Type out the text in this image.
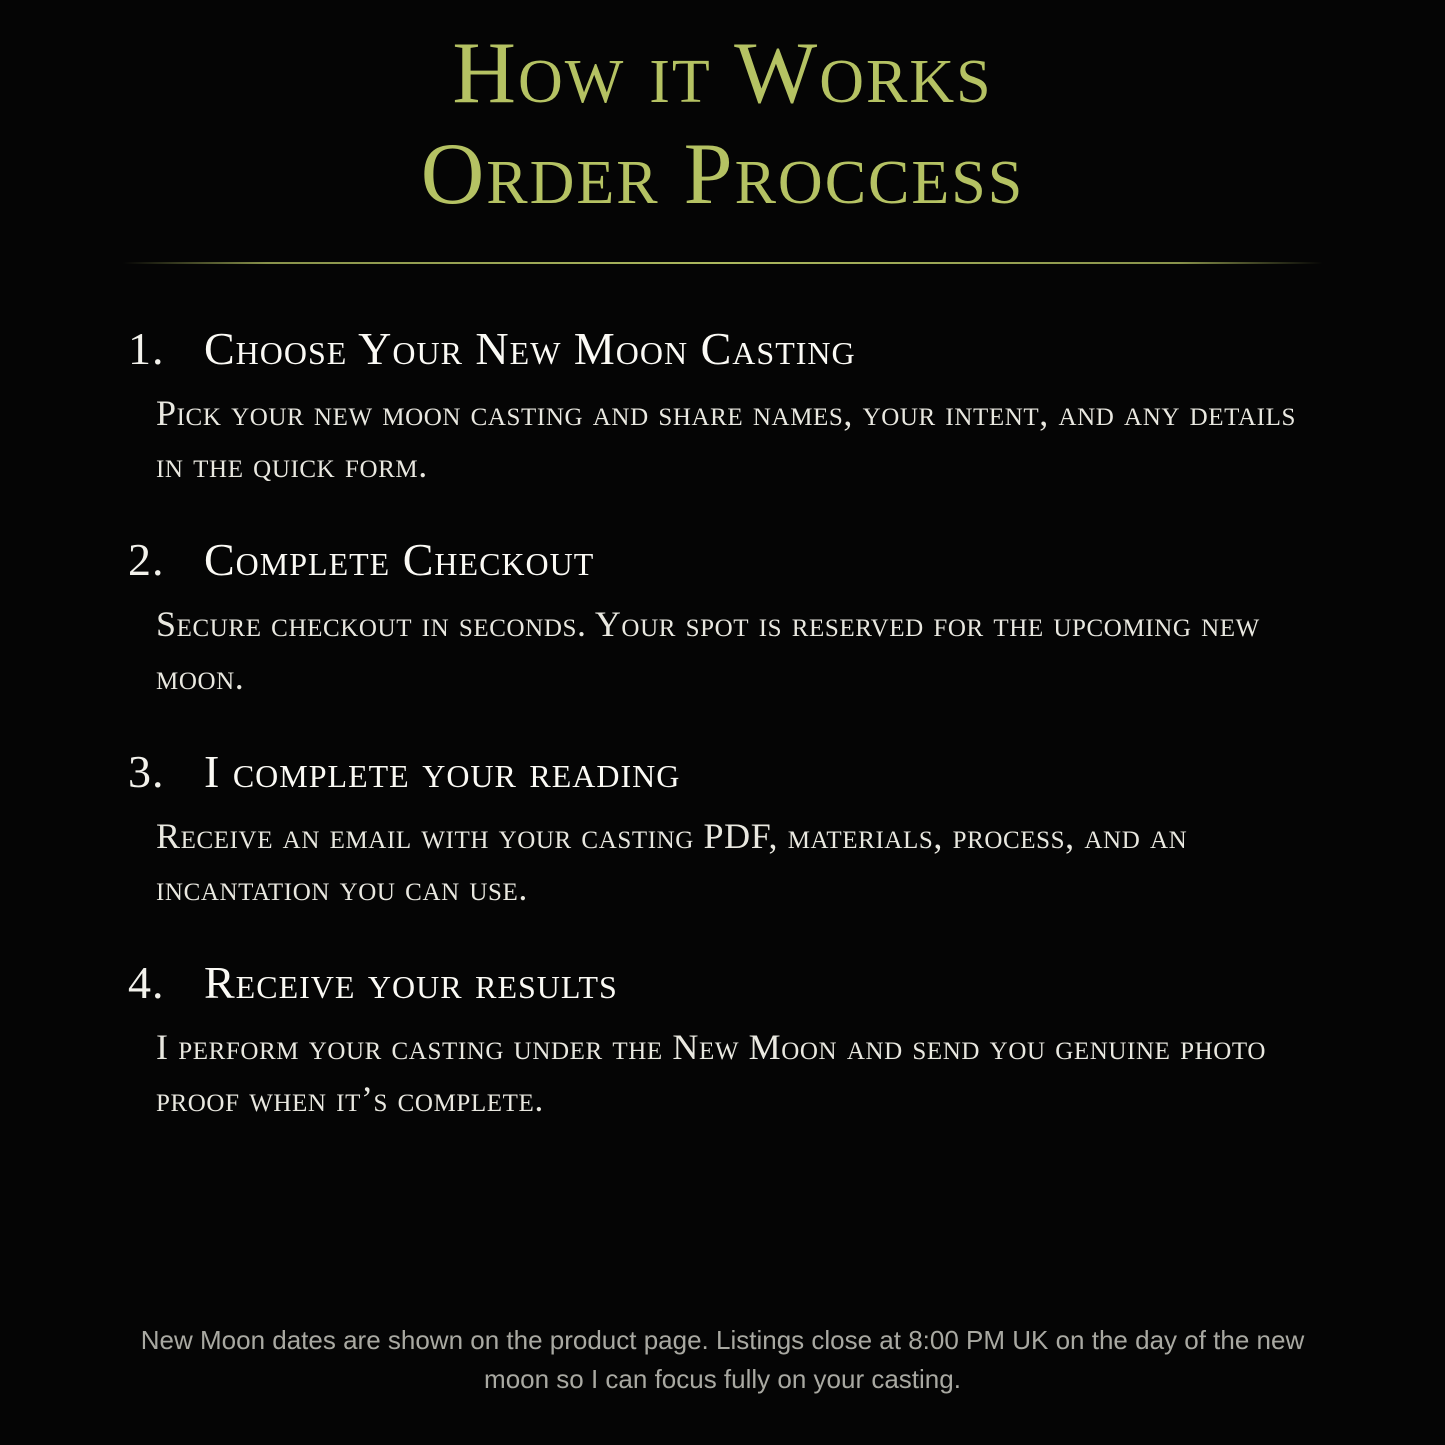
How it Works
Order Proccess
1. Choose Your New Moon Casting
Pick your new moon casting and share names, your intent, and any details in the quick form.
2. Complete Checkout
Secure checkout in seconds. Your spot is reserved for the upcoming new moon.
3. I complete your reading
Receive an email with your casting PDF, materials, process, and an incantation you can use.
4. Receive your results
I perform your casting under the New Moon and send you genuine photo proof when it’s complete.
New Moon dates are shown on the product page. Listings close at 8:00 PM UK on the day of the new moon so I can focus fully on your casting.
